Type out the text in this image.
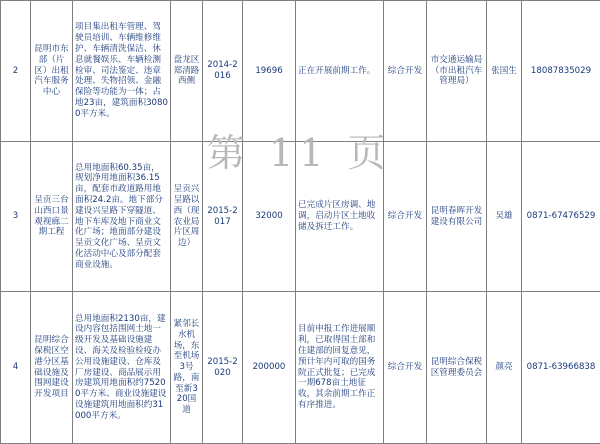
2	昆明市东部（片区）出租汽车服务中心	项目集出租车管理、驾驶员培训、车辆维修维护、车辆清洗保洁、休息就餐娱乐、车辆检测检审、司法鉴定、违章处理、失物招领、金融保险等功能为一体；占地23亩，建筑面积30800平方米。	盘龙区郑清路西侧	2014-2016	19696	正在开展前期工作。	综合开发	市交通运输局（市出租汽车管理局）	张国生	18087835029
3	呈贡三台山西口景观视廊二期工程	总用地面积60.35亩，规划净用地面积36.15亩，配套市政道路用地面积24.2亩。地下部分建设兴呈路下穿隧道、地下车库及地下商业文化广场；地面部分建设呈贡文化广场、呈贡文化活动中心及部分配套商业设施。	呈贡兴呈路以西（现农业局片区周边）	2015-2017	32000	已完成片区房调、地调，启动片区土地收储及拆迁工作。	综合开发	昆明春晖开发建设有限公司	吴雄	0871-67476529
4	昆明综合保税区空港分区基础设施及围网建设开发项目	总用地面积2130亩，建设内容包括围网土地一级开发及基础设施建设、海关及检验检疫办公用设施建设、仓库及厂房建设、商品展示用房建筑用地面积约75200平方米、商业设施建设设施建筑用地面积约31000平方米。	紧邻长水机场，东至机场3号路，南至新320国道	2015-2020	200000	目前申报工作进展顺利，已取得国土部和住建部的回复意见，预计年内可取的国务院正式批复；已完成一期678亩土地征收，其余前期工作正有序推进。	综合开发	昆明综合保税区管理委员会	颜亮	0871-63966838
第 11 页
